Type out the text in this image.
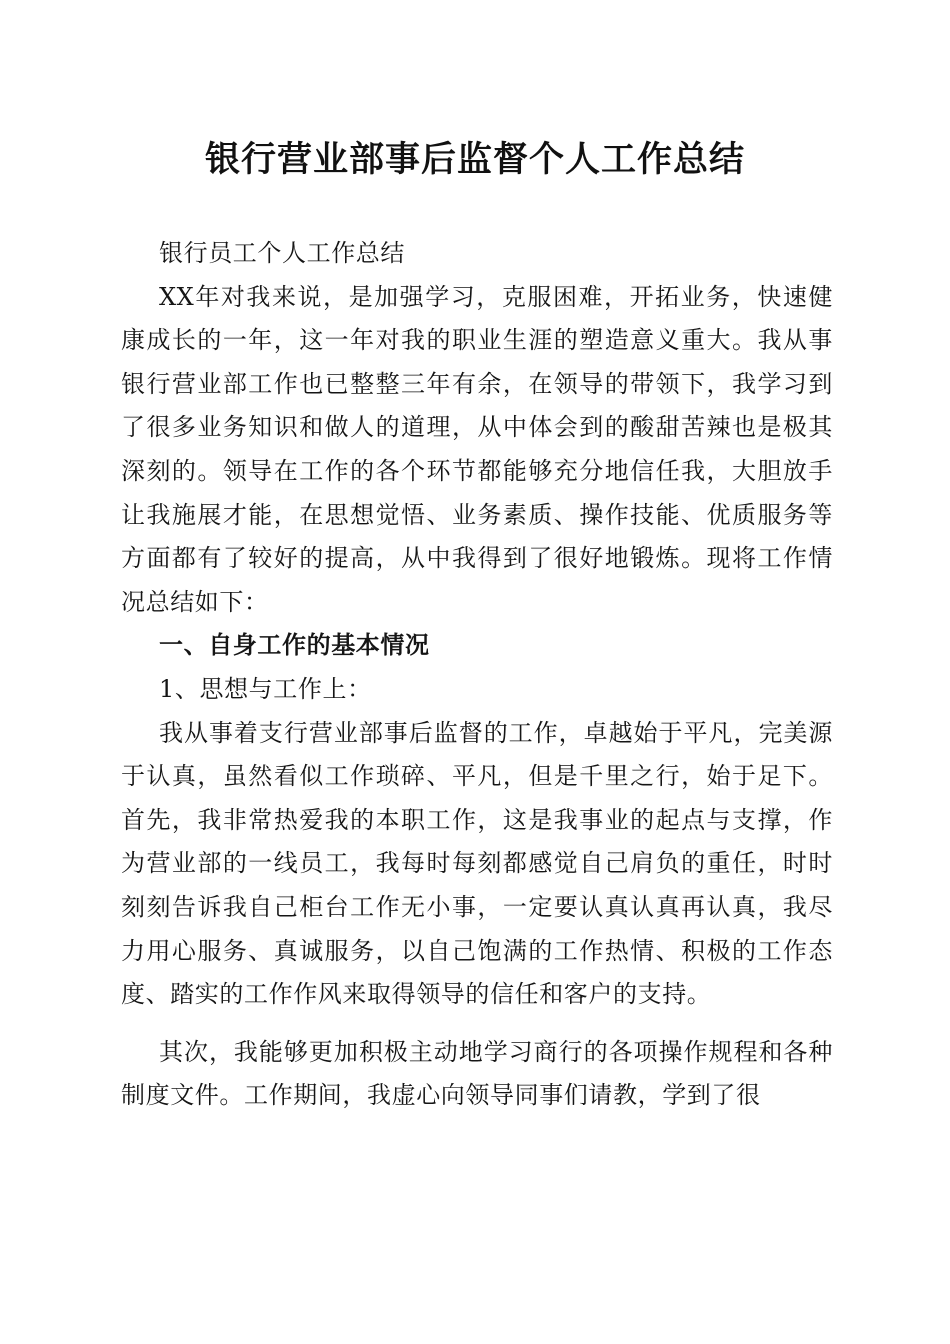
银行营业部事后监督个人工作总结

银行员工个人工作总结

XX年对我来说，是加强学习，克服困难，开拓业务，快速健康成长的一年，这一年对我的职业生涯的塑造意义重大。我从事银行营业部工作也已整整三年有余，在领导的带领下，我学习到了很多业务知识和做人的道理，从中体会到的酸甜苦辣也是极其深刻的。领导在工作的各个环节都能够充分地信任我，大胆放手让我施展才能，在思想觉悟、业务素质、操作技能、优质服务等方面都有了较好的提高，从中我得到了很好地锻炼。现将工作情况总结如下：

一、自身工作的基本情况

1、思想与工作上：

我从事着支行营业部事后监督的工作，卓越始于平凡，完美源于认真，虽然看似工作琐碎、平凡，但是千里之行，始于足下。首先，我非常热爱我的本职工作，这是我事业的起点与支撑，作为营业部的一线员工，我每时每刻都感觉自己肩负的重任，时时刻刻告诉我自己柜台工作无小事，一定要认真认真再认真，我尽力用心服务、真诚服务，以自己饱满的工作热情、积极的工作态度、踏实的工作作风来取得领导的信任和客户的支持。

其次，我能够更加积极主动地学习商行的各项操作规程和各种制度文件。工作期间，我虚心向领导同事们请教，学到了很
